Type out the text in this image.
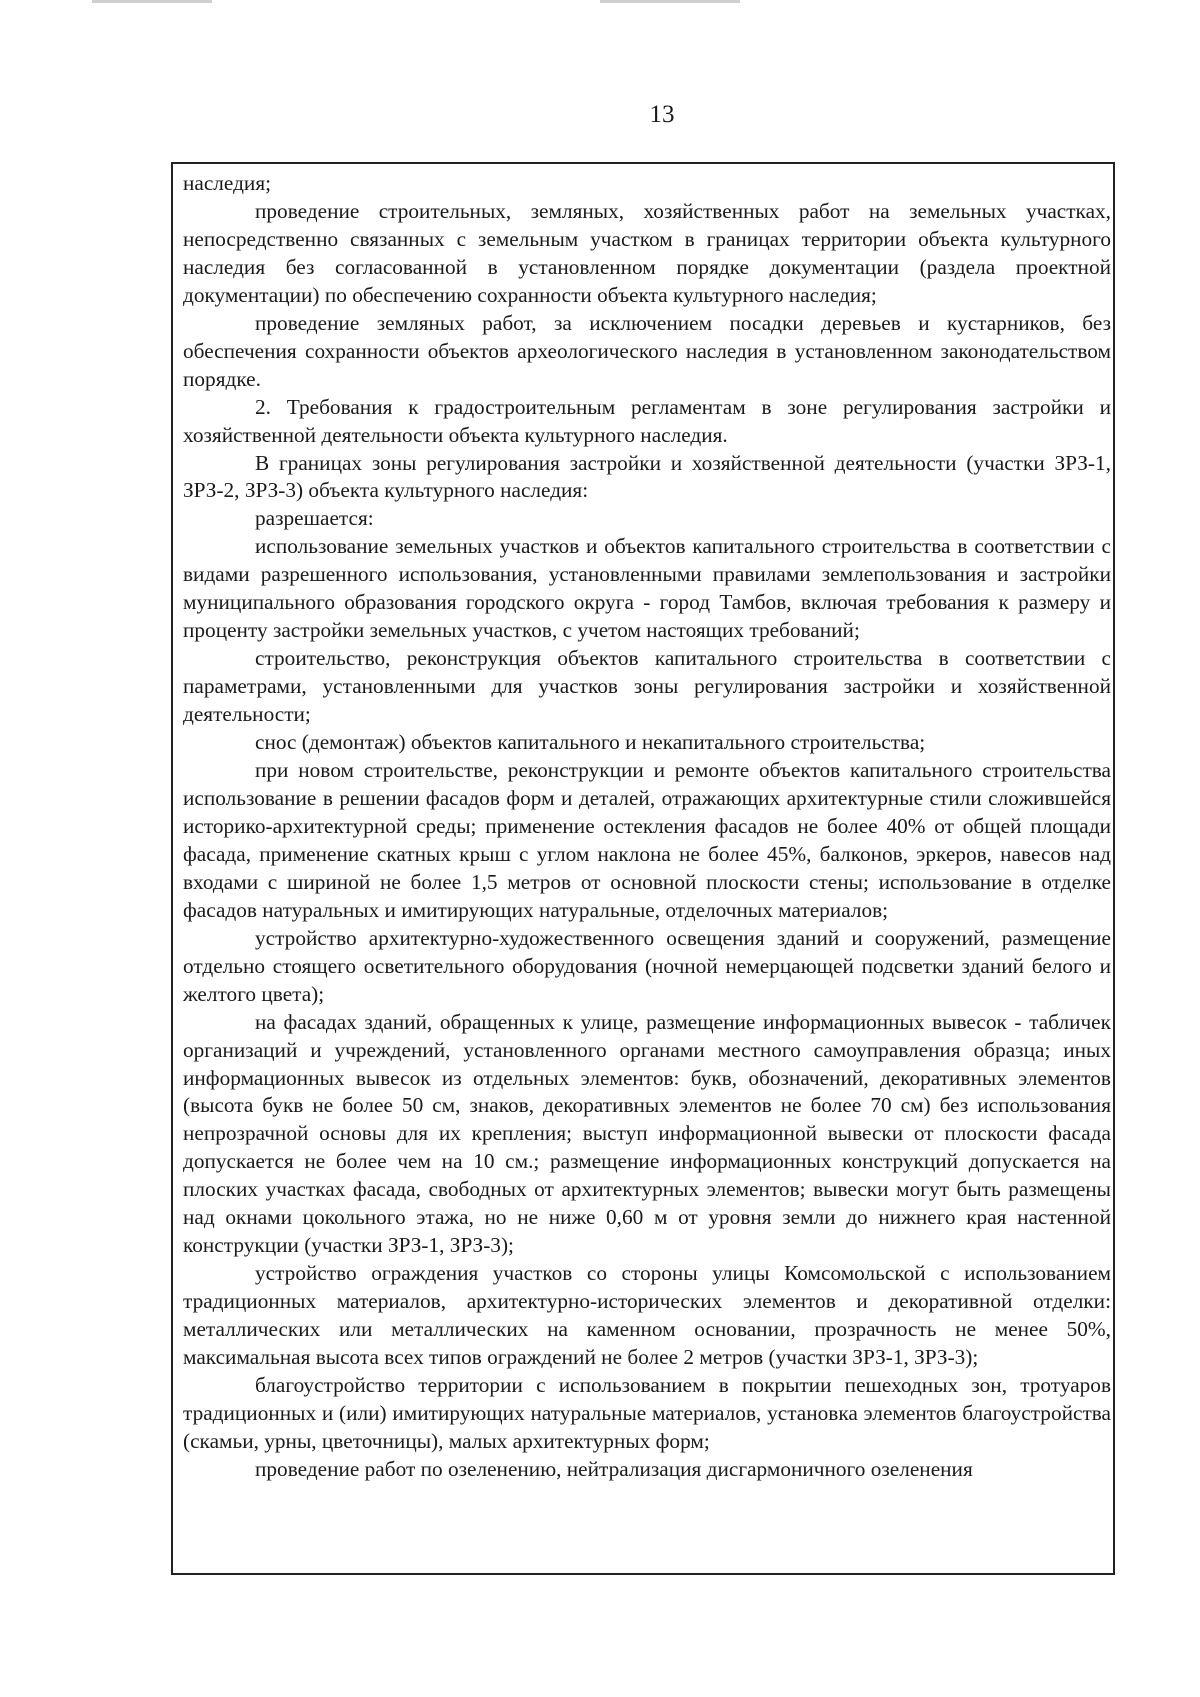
13

наследия;

проведение строительных, земляных, хозяйственных работ на земельных участках, непосредственно связанных с земельным участком в границах территории объекта культурного наследия без согласованной в установленном порядке документации (раздела проектной документации) по обеспечению сохранности объекта культурного наследия;

проведение земляных работ, за исключением посадки деревьев и кустарников, без обеспечения сохранности объектов археологического наследия в установленном законодательством порядке.

2. Требования к градостроительным регламентам в зоне регулирования застройки и хозяйственной деятельности объекта культурного наследия.

В границах зоны регулирования застройки и хозяйственной деятельности (участки ЗРЗ-1, ЗРЗ-2, ЗРЗ-3) объекта культурного наследия:

разрешается:

использование земельных участков и объектов капитального строительства в соответствии с видами разрешенного использования, установленными правилами землепользования и застройки муниципального образования городского округа - город Тамбов, включая требования к размеру и проценту застройки земельных участков, с учетом настоящих требований;

строительство, реконструкция объектов капитального строительства в соответствии с параметрами, установленными для участков зоны регулирования застройки и хозяйственной деятельности;

снос (демонтаж) объектов капитального и некапитального строительства;

при новом строительстве, реконструкции и ремонте объектов капитального строительства использование в решении фасадов форм и деталей, отражающих архитектурные стили сложившейся историко-архитектурной среды; применение остекления фасадов не более 40% от общей площади фасада, применение скатных крыш с углом наклона не более 45%, балконов, эркеров, навесов над входами с шириной не более 1,5 метров от основной плоскости стены; использование в отделке фасадов натуральных и имитирующих натуральные, отделочных материалов;

устройство архитектурно-художественного освещения зданий и сооружений, размещение отдельно стоящего осветительного оборудования (ночной немерцающей подсветки зданий белого и желтого цвета);

на фасадах зданий, обращенных к улице, размещение информационных вывесок - табличек организаций и учреждений, установленного органами местного самоуправления образца; иных информационных вывесок из отдельных элементов: букв, обозначений, декоративных элементов (высота букв не более 50 см, знаков, декоративных элементов не более 70 см) без использования непрозрачной основы для их крепления; выступ информационной вывески от плоскости фасада допускается не более чем на 10 см.; размещение информационных конструкций допускается на плоских участках фасада, свободных от архитектурных элементов; вывески могут быть размещены над окнами цокольного этажа, но не ниже 0,60 м от уровня земли до нижнего края настенной конструкции (участки ЗРЗ-1, ЗРЗ-3);

устройство ограждения участков со стороны улицы Комсомольской с использованием традиционных материалов, архитектурно-исторических элементов и декоративной отделки: металлических или металлических на каменном основании, прозрачность не менее 50%, максимальная высота всех типов ограждений не более 2 метров (участки ЗРЗ-1, ЗРЗ-3);

благоустройство территории с использованием в покрытии пешеходных зон, тротуаров традиционных и (или) имитирующих натуральные материалов, установка элементов благоустройства (скамьи, урны, цветочницы), малых архитектурных форм;

проведение работ по озеленению, нейтрализация дисгармоничного озеленения
